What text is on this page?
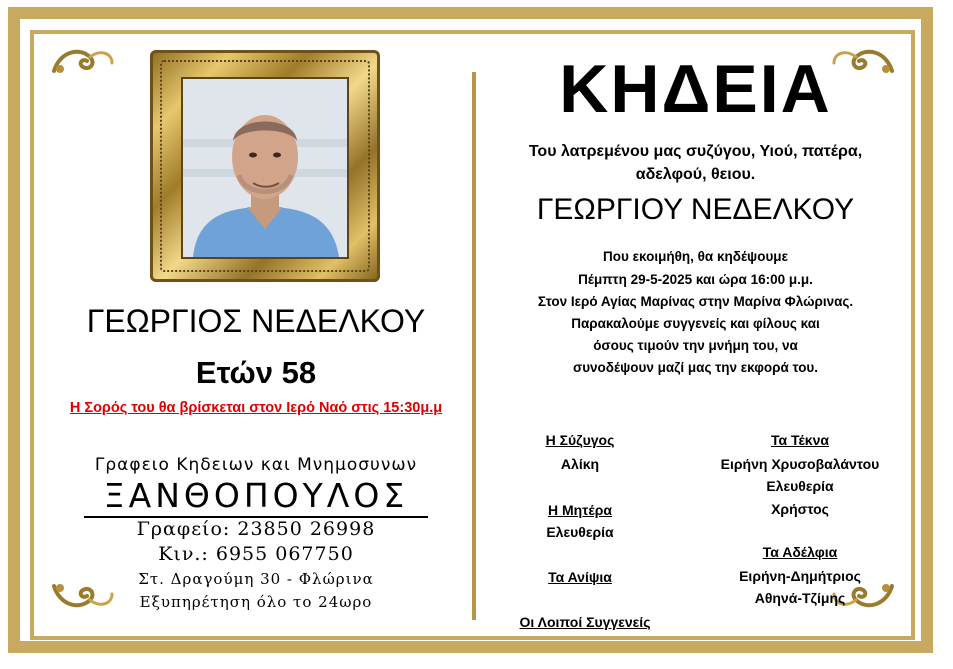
ΓΕΩΡΓΙΟΣ ΝΕΔΕΛΚΟΥ
Ετών 58
Η Σορός του θα βρίσκεται στον Ιερό Ναό στις 15:30μ.μ
Γραφειο Κηδειων και Μνημοσυνων
ΞΑΝΘΟΠΟΥΛΟΣ
Γραφείο: 23850 26998
Κιν.: 6955 067750
Στ. Δραγούμη 30 - Φλώρινα
Εξυπηρέτηση όλο το 24ωρο
ΚΗΔΕΙΑ
Του λατρεμένου μας συζύγου, Υιού, πατέρα,
αδελφού, θειου.
ΓΕΩΡΓΙΟΥ ΝΕΔΕΛΚΟΥ
Που εκοιμήθη, θα κηδέψουμε
Πέμπτη 29-5-2025 και ώρα 16:00 μ.μ.
Στον Ιερό Αγίας Μαρίνας στην Μαρίνα Φλώρινας.
Παρακαλούμε συγγενείς και φίλους και
όσους τιμούν την μνήμη του, να
συνοδέψουν μαζί μας την εκφορά του.
Η Σύζυγος
Αλίκη
Η Μητέρα
Ελευθερία
Τα Ανίψια
Οι Λοιποί Συγγενείς
Τα Τέκνα
Ειρήνη Χρυσοβαλάντου
Ελευθερία
Χρήστος
Τα Αδέλφια
Ειρήνη-Δημήτριος
Αθηνά-Τζίμης
